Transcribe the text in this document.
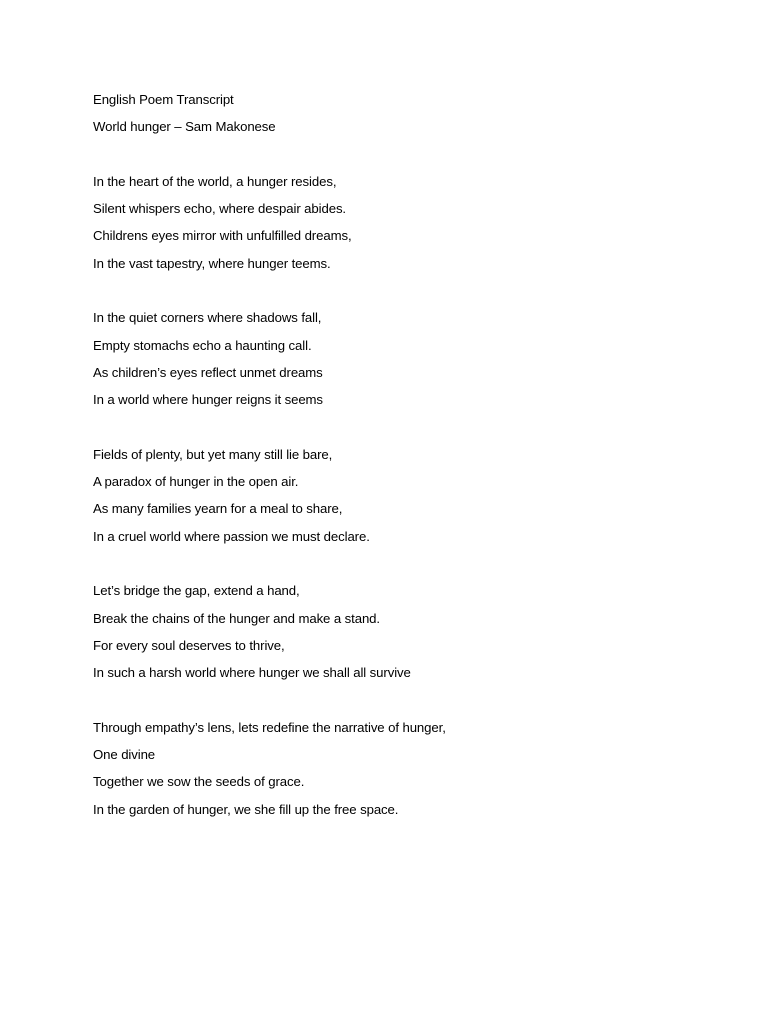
English Poem Transcript
World hunger – Sam Makonese
In the heart of the world, a hunger resides,
Silent whispers echo, where despair abides.
Childrens eyes mirror with unfulfilled dreams,
In the vast tapestry, where hunger teems.
In the quiet corners where shadows fall,
Empty stomachs echo a haunting call.
As children’s eyes reflect unmet dreams
In a world where hunger reigns it seems
Fields of plenty, but yet many still lie bare,
A paradox of hunger in the open air.
As many families yearn for a meal to share,
In a cruel world where passion we must declare.
Let’s bridge the gap, extend a hand,
Break the chains of the hunger and make a stand.
For every soul deserves to thrive,
In such a harsh world where hunger we shall all survive
Through empathy’s lens, lets redefine the narrative of hunger,
One divine
Together we sow the seeds of grace.
In the garden of hunger, we she fill up the free space.
